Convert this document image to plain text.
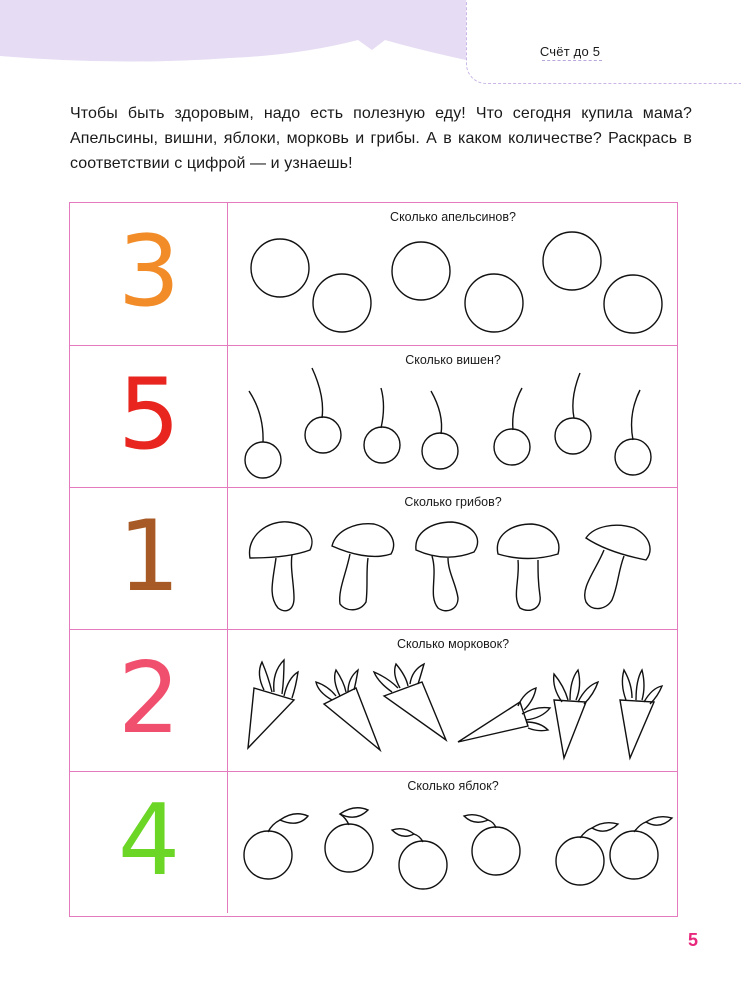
Счёт до 5
Чтобы быть здоровым, надо есть полезную еду! Что сегодня купила мама? Апельсины, вишни, яблоки, морковь и грибы. А в каком количестве? Раскрась в соответствии с цифрой — и узнаешь!
3	Сколько апельсинов?
5	Сколько вишен?
1	Сколько грибов?
2	Сколько морковок?
4	Сколько яблок?
5
